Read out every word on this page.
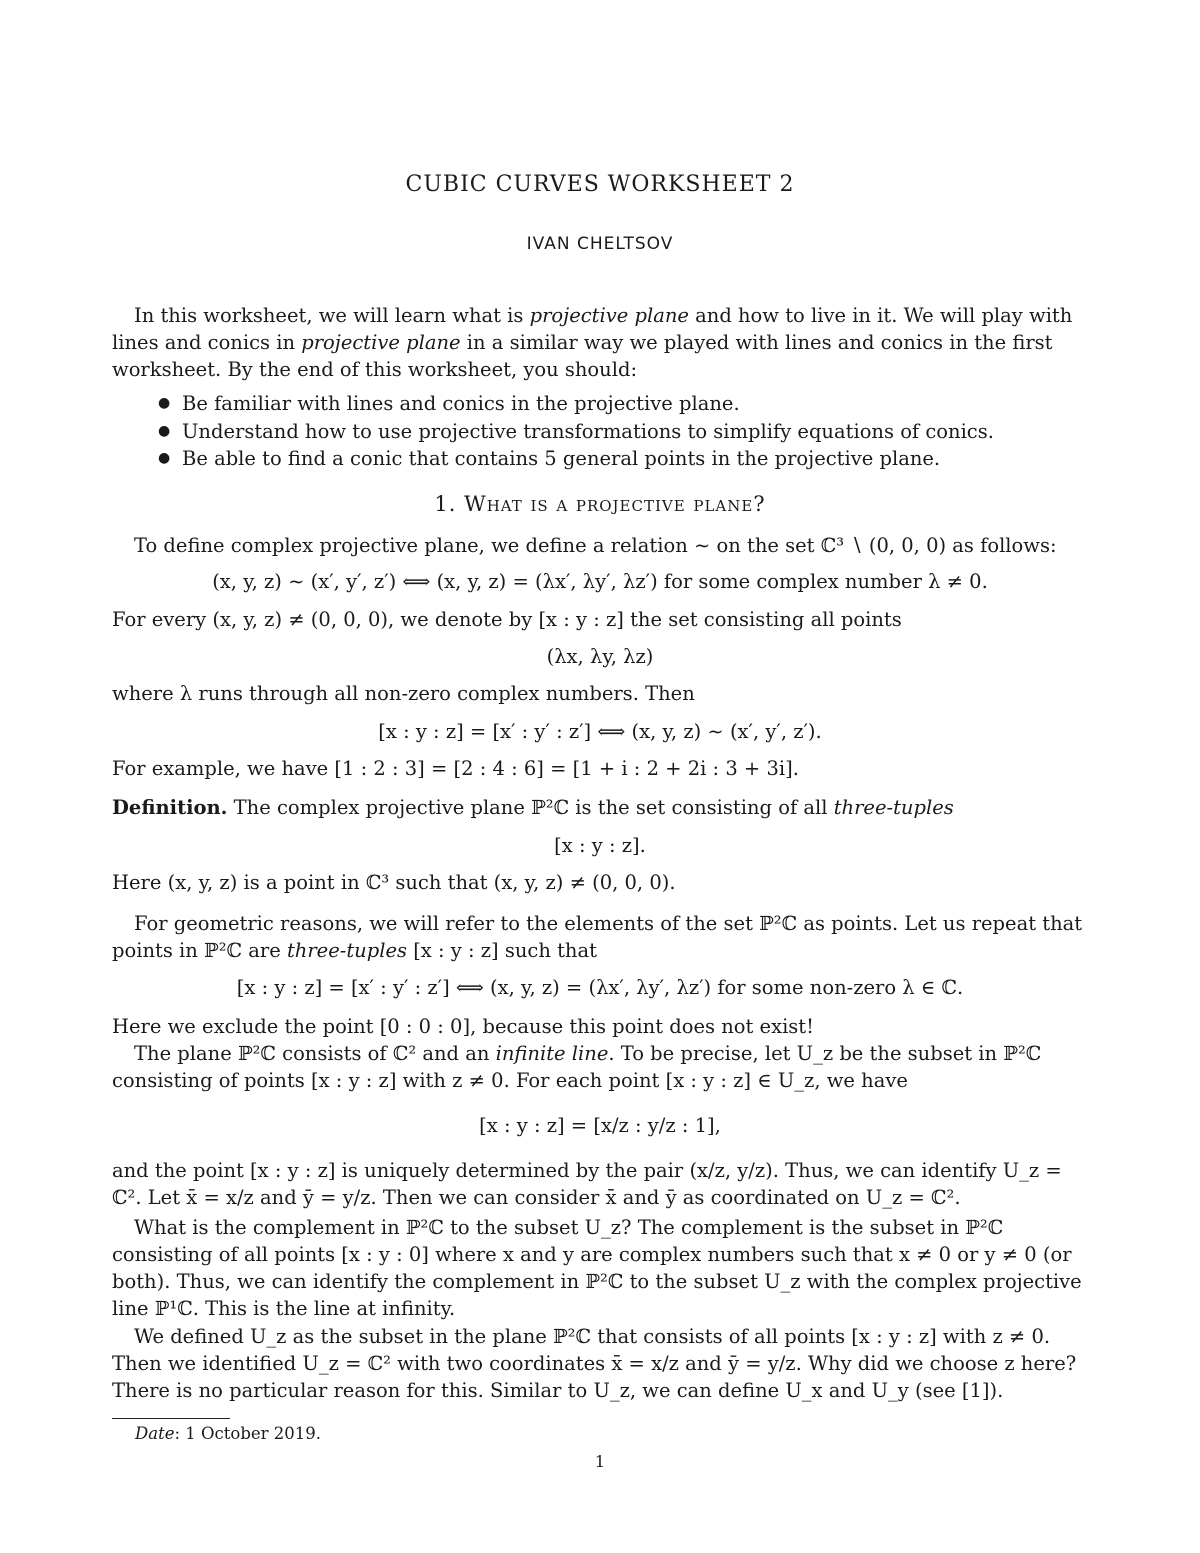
CUBIC CURVES WORKSHEET 2
IVAN CHELTSOV
In this worksheet, we will learn what is projective plane and how to live in it. We will play with lines and conics in projective plane in a similar way we played with lines and conics in the first worksheet. By the end of this worksheet, you should:
● Be familiar with lines and conics in the projective plane.
● Understand how to use projective transformations to simplify equations of conics.
● Be able to find a conic that contains 5 general points in the projective plane.
1. What is a projective plane?
To define complex projective plane, we define a relation ∼ on the set ℂ³ ∖ (0, 0, 0) as follows:
(x, y, z) ∼ (x′, y′, z′) ⟺ (x, y, z) = (λx′, λy′, λz′) for some complex number λ ≠ 0.
For every (x, y, z) ≠ (0, 0, 0), we denote by [x : y : z] the set consisting all points
(λx, λy, λz)
where λ runs through all non-zero complex numbers. Then
[x : y : z] = [x′ : y′ : z′] ⟺ (x, y, z) ∼ (x′, y′, z′).
For example, we have [1 : 2 : 3] = [2 : 4 : 6] = [1 + i : 2 + 2i : 3 + 3i].
Definition. The complex projective plane ℙ²ℂ is the set consisting of all three-tuples
[x : y : z].
Here (x, y, z) is a point in ℂ³ such that (x, y, z) ≠ (0, 0, 0).
For geometric reasons, we will refer to the elements of the set ℙ²ℂ as points. Let us repeat that points in ℙ²ℂ are three-tuples [x : y : z] such that
[x : y : z] = [x′ : y′ : z′] ⟺ (x, y, z) = (λx′, λy′, λz′) for some non-zero λ ∈ ℂ.
Here we exclude the point [0 : 0 : 0], because this point does not exist!
The plane ℙ²ℂ consists of ℂ² and an infinite line. To be precise, let U_z be the subset in ℙ²ℂ consisting of points [x : y : z] with z ≠ 0. For each point [x : y : z] ∈ U_z, we have
[x : y : z] = [x/z : y/z : 1],
and the point [x : y : z] is uniquely determined by the pair (x/z, y/z). Thus, we can identify U_z = ℂ². Let x̄ = x/z and ȳ = y/z. Then we can consider x̄ and ȳ as coordinated on U_z = ℂ².
What is the complement in ℙ²ℂ to the subset U_z? The complement is the subset in ℙ²ℂ consisting of all points [x : y : 0] where x and y are complex numbers such that x ≠ 0 or y ≠ 0 (or both). Thus, we can identify the complement in ℙ²ℂ to the subset U_z with the complex projective line ℙ¹ℂ. This is the line at infinity.
We defined U_z as the subset in the plane ℙ²ℂ that consists of all points [x : y : z] with z ≠ 0. Then we identified U_z = ℂ² with two coordinates x̄ = x/z and ȳ = y/z. Why did we choose z here? There is no particular reason for this. Similar to U_z, we can define U_x and U_y (see [1]).
Date: 1 October 2019.
1
